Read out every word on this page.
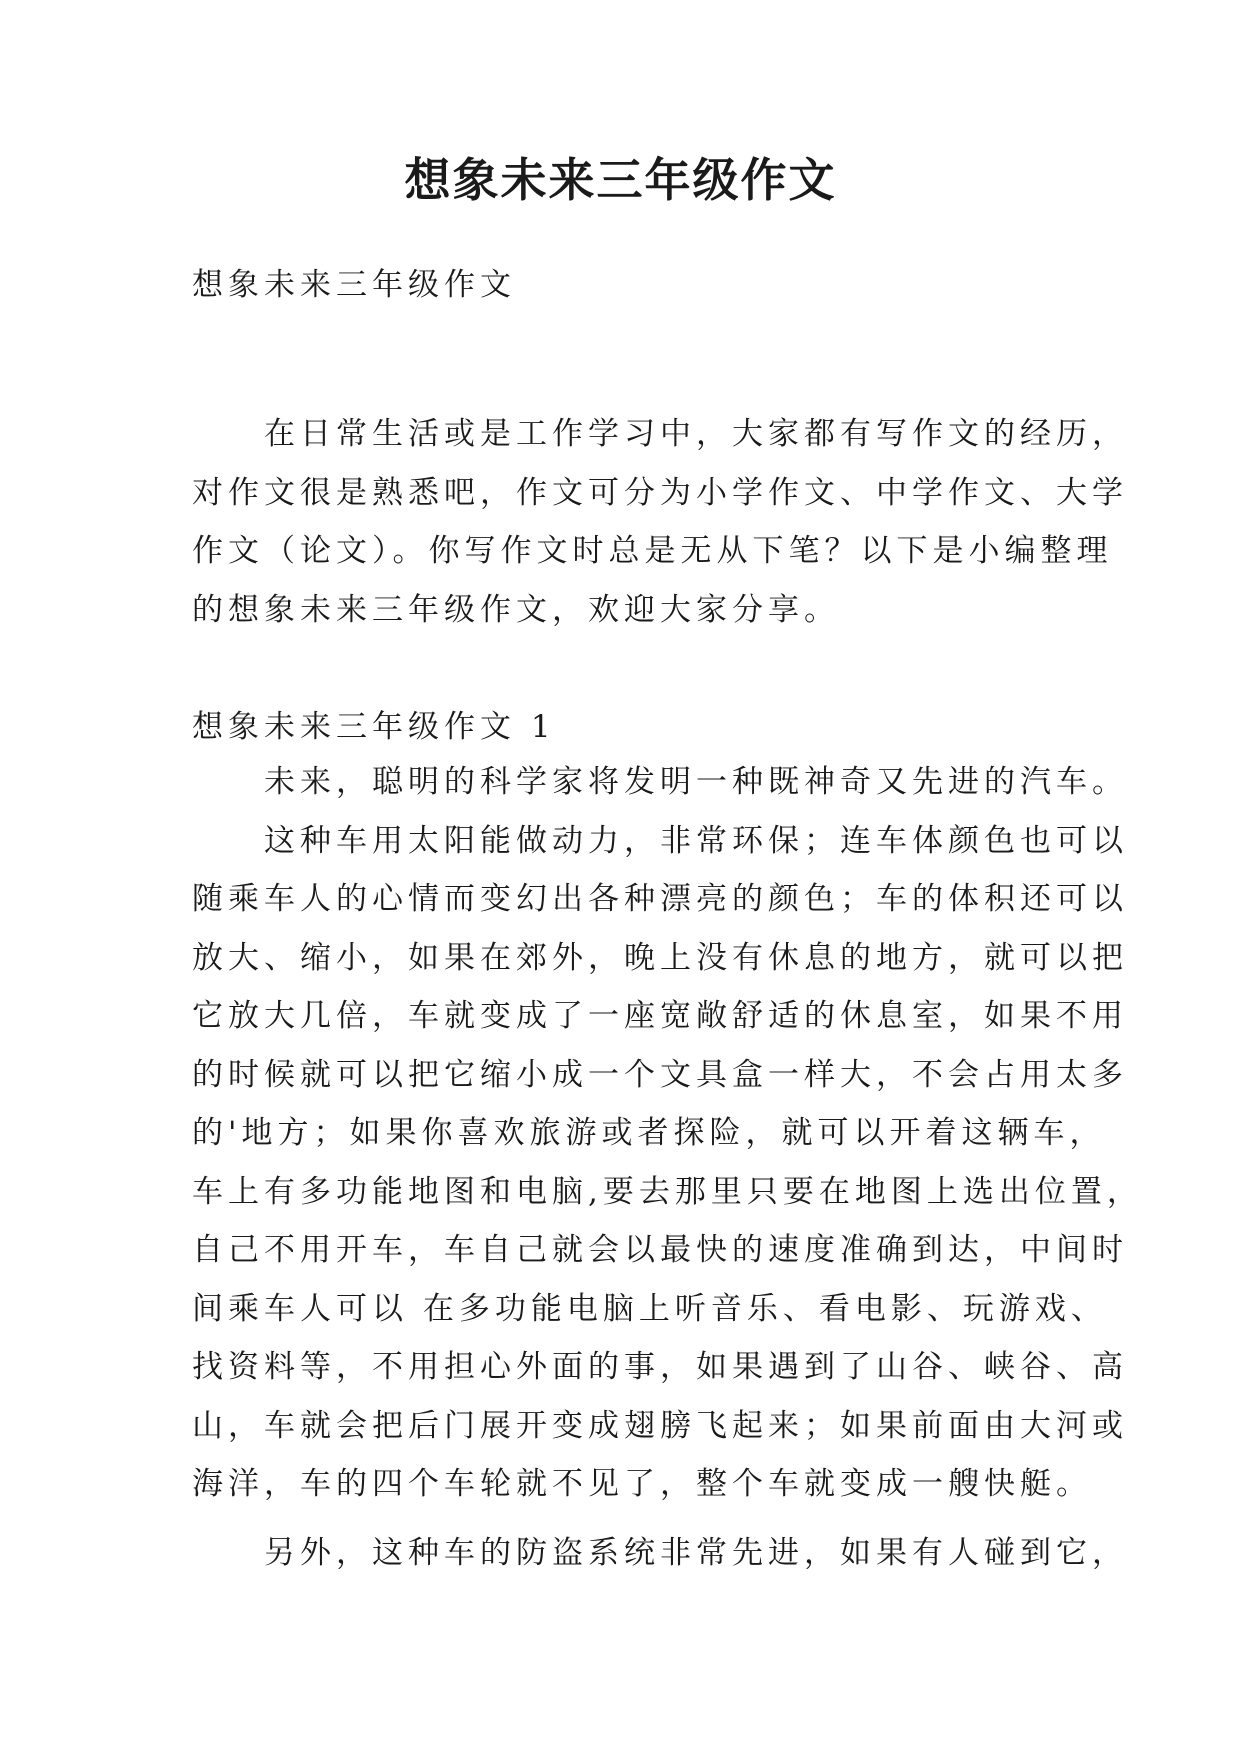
想象未来三年级作文

想象未来三年级作文

　　在日常生活或是工作学习中，大家都有写作文的经历，
对作文很是熟悉吧，作文可分为小学作文、中学作文、大学
作文（论文）。你写作文时总是无从下笔？以下是小编整理
的想象未来三年级作文，欢迎大家分享。

想象未来三年级作文 1

　　未来，聪明的科学家将发明一种既神奇又先进的汽车。
　　这种车用太阳能做动力，非常环保；连车体颜色也可以
随乘车人的心情而变幻出各种漂亮的颜色；车的体积还可以
放大、缩小，如果在郊外，晚上没有休息的地方，就可以把
它放大几倍，车就变成了一座宽敞舒适的休息室，如果不用
的时候就可以把它缩小成一个文具盒一样大，不会占用太多
的'地方；如果你喜欢旅游或者探险，就可以开着这辆车，
车上有多功能地图和电脑,要去那里只要在地图上选出位置，
自己不用开车，车自己就会以最快的速度准确到达，中间时
间乘车人可以 在多功能电脑上听音乐、看电影、玩游戏、
找资料等，不用担心外面的事，如果遇到了山谷、峡谷、高
山，车就会把后门展开变成翅膀飞起来；如果前面由大河或
海洋，车的四个车轮就不见了，整个车就变成一艘快艇。
　　另外，这种车的防盗系统非常先进，如果有人碰到它，
